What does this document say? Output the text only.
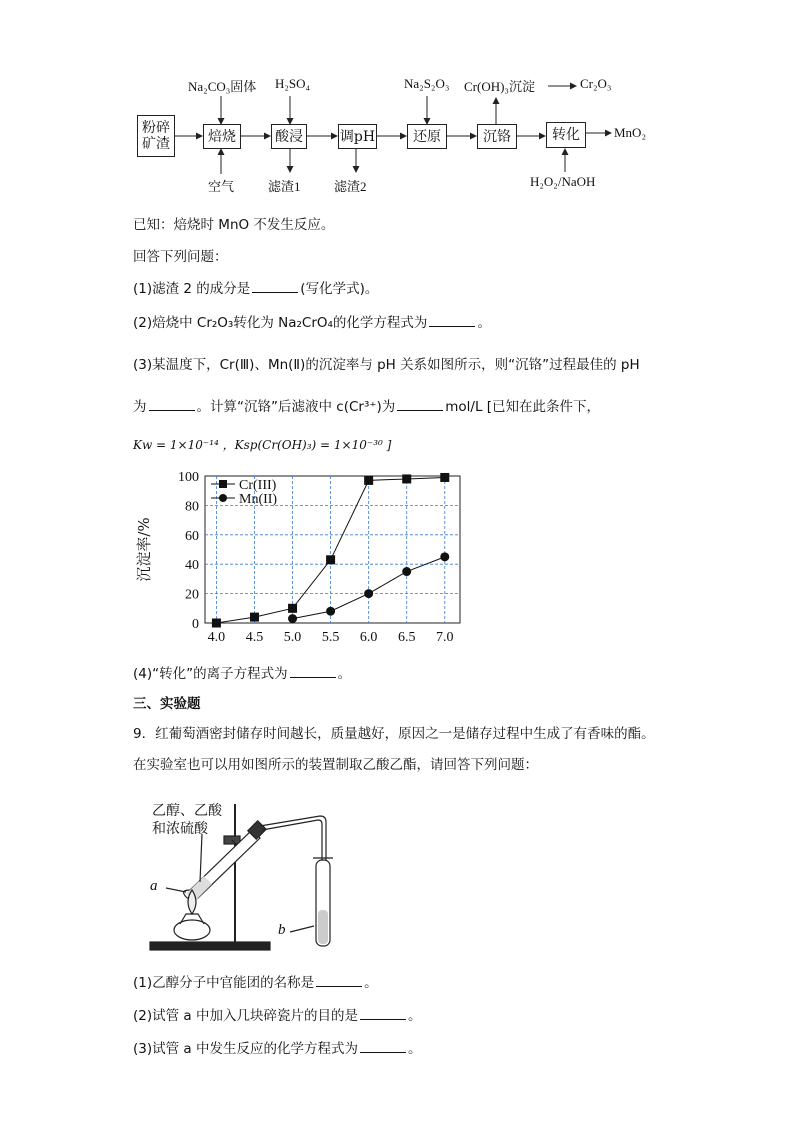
粉碎
矿渣	焙烧	酸浸	调pH	还原	沉铬	转化
Na₂CO₃固体 H₂SO₄	Na₂S₂O₃ Cr(OH)₃沉淀	Cr₂O₃
MnO₂
空气	滤渣1	滤渣2	H₂O₂/NaOH
已知：焙烧时 MnO 不发生反应。
回答下列问题：
(1)滤渣 2 的成分是	(写化学式)。
(2)焙烧中 Cr₂O₃转化为 Na₂CrO₄的化学方程式为	。
(3)某温度下，Cr(Ⅲ)、Mn(Ⅱ)的沉淀率与 pH 关系如图所示，则“沉铬”过程最佳的 pH
为	。计算“沉铬”后滤液中 c(Cr³⁺)为	mol/L [已知在此条件下，
Kw = 1×10⁻¹⁴ ，Ksp(Cr(OH)₃) = 1×10⁻³⁰ ]
4.0 4.5 5.0 5.5 6.0 6.5 7.0
0
20
40
60
80
100
沉淀率/%
Cr(III)
Mn(II)
(4)“转化”的离子方程式为	。
三、实验题
9．红葡萄酒密封储存时间越长，质量越好，原因之一是储存过程中生成了有香味的酯。
在实验室也可以用如图所示的装置制取乙酸乙酯，请回答下列问题：
乙醇、乙酸
和浓硫酸
a
b
(1)乙醇分子中官能团的名称是	。
(2)试管 a 中加入几块碎瓷片的目的是	。
(3)试管 a 中发生反应的化学方程式为	。
